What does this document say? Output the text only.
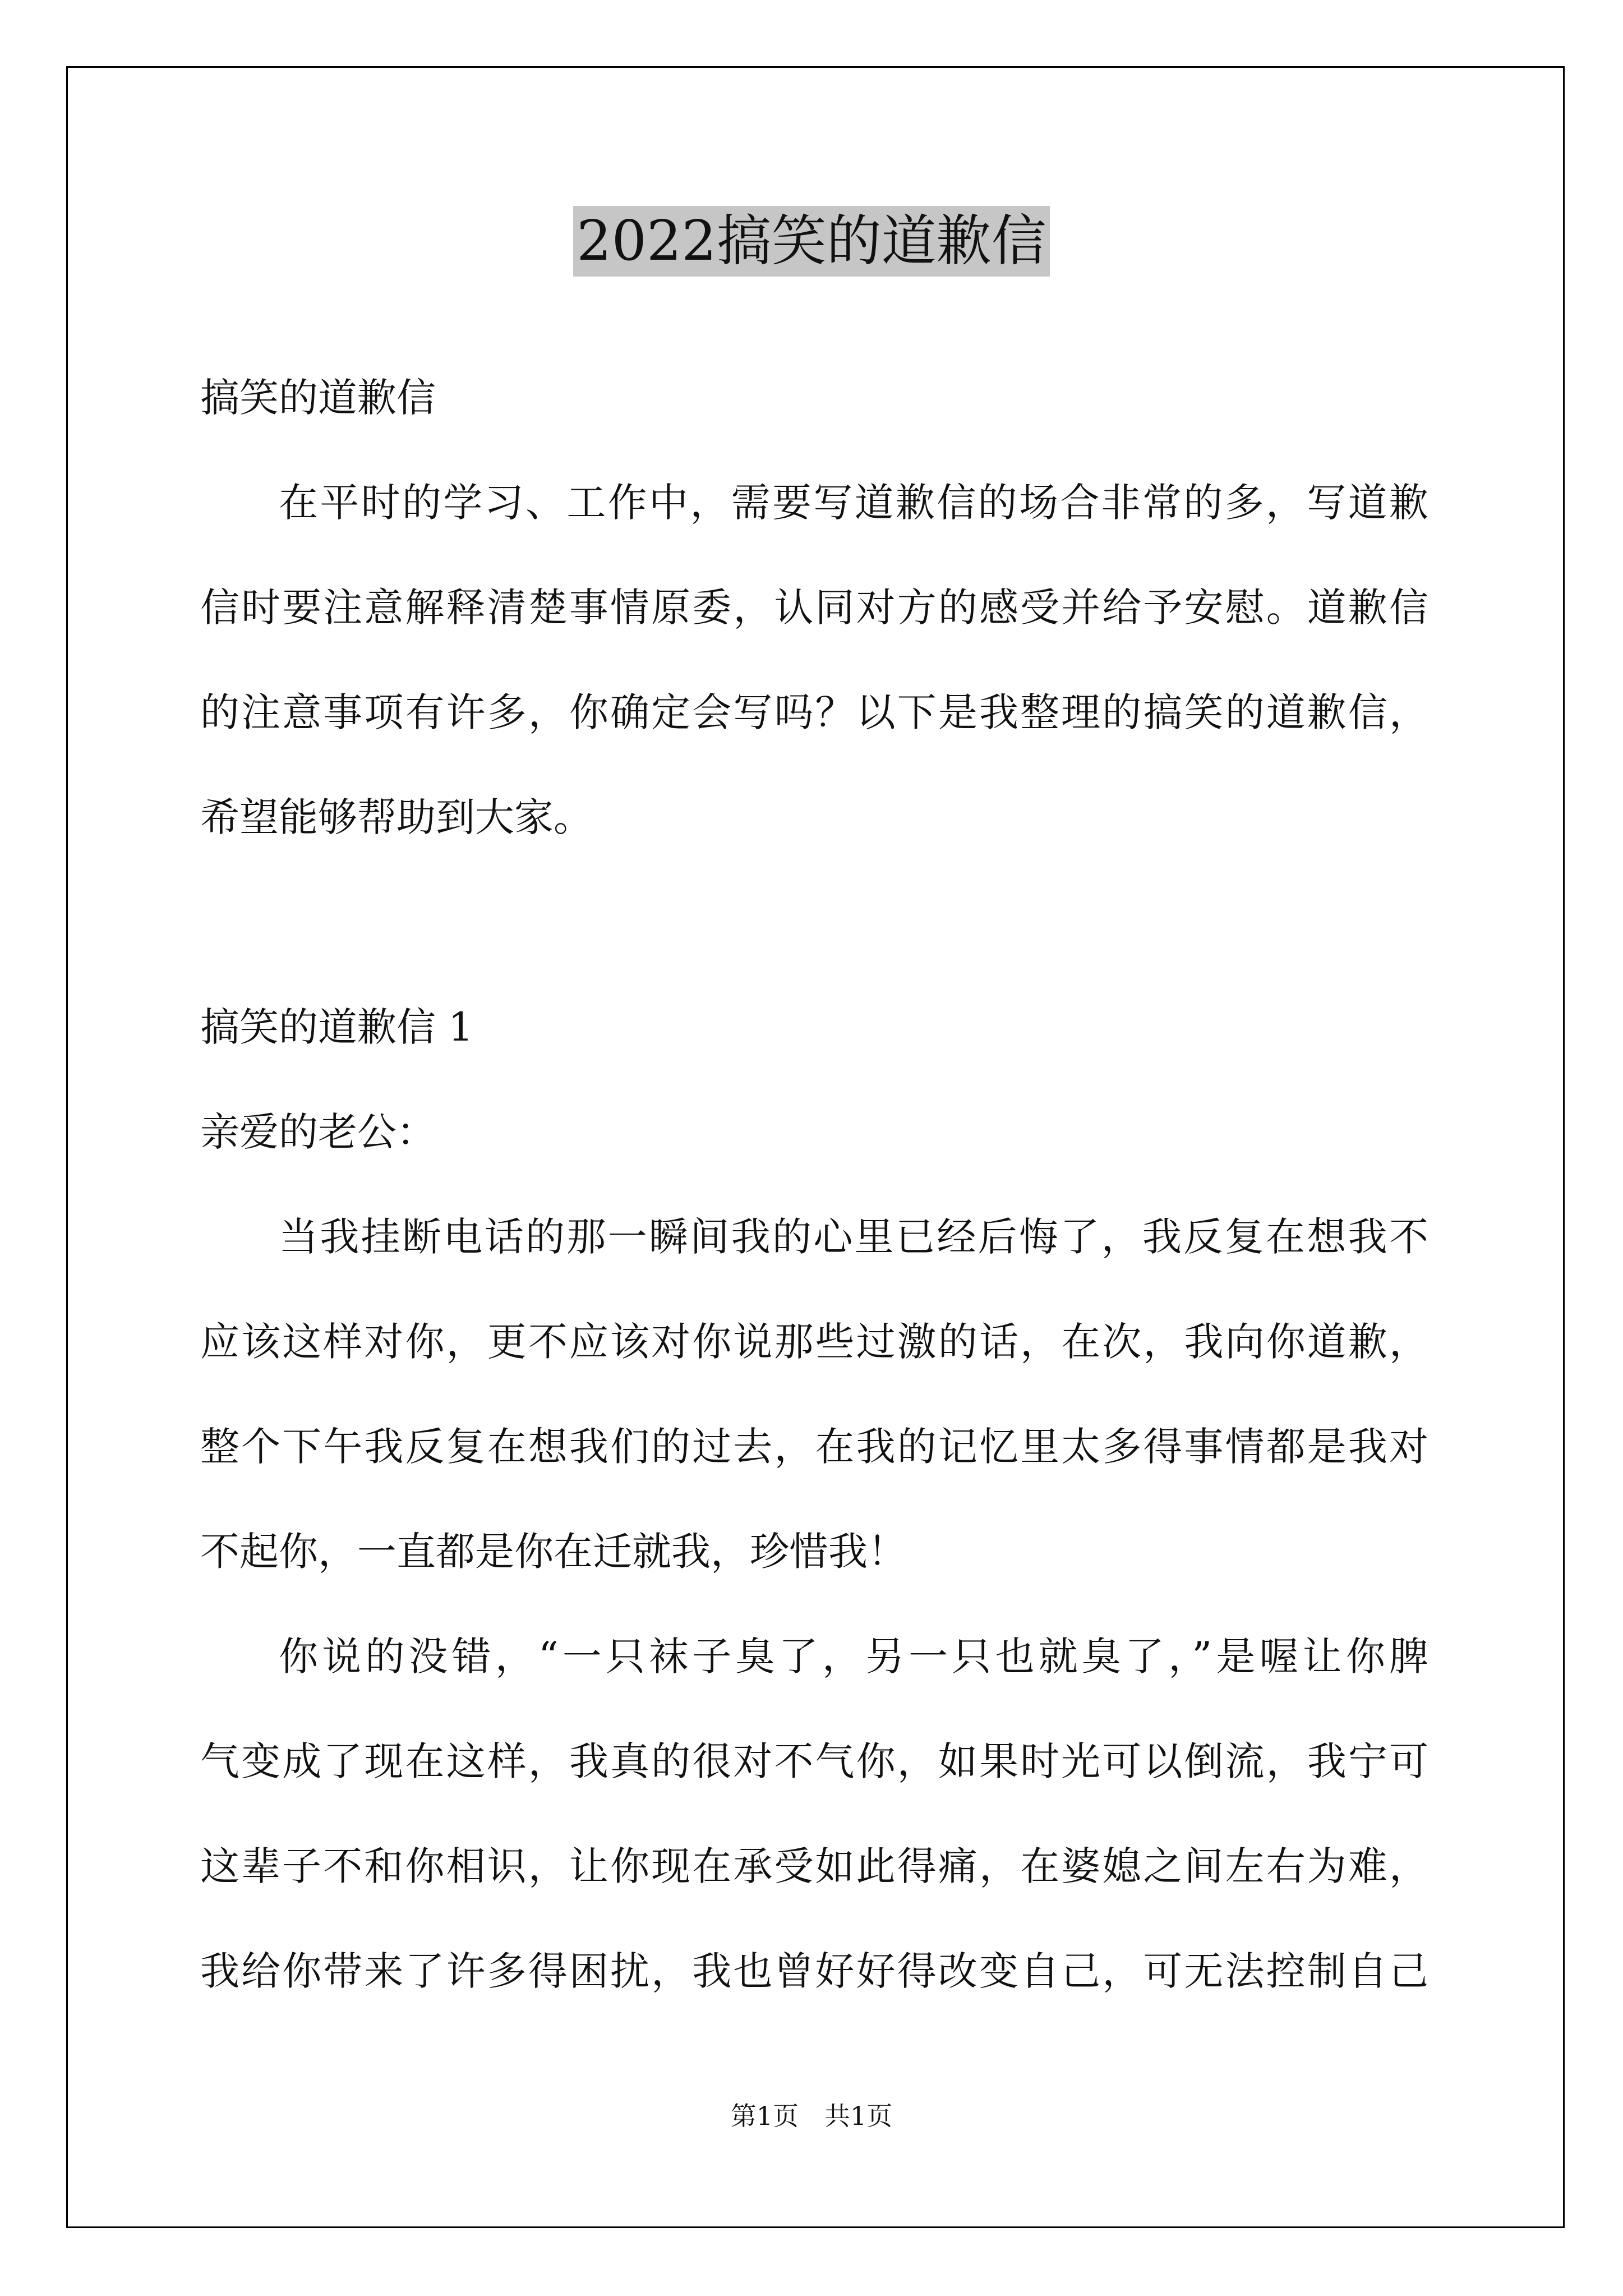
2022搞笑的道歉信
搞笑的道歉信
在平时的学习、工作中，需要写道歉信的场合非常的多，写道歉
信时要注意解释清楚事情原委，认同对方的感受并给予安慰。道歉信
的注意事项有许多，你确定会写吗？以下是我整理的搞笑的道歉信，
希望能够帮助到大家。
搞笑的道歉信 1
亲爱的老公：
当我挂断电话的那一瞬间我的心里已经后悔了，我反复在想我不
应该这样对你，更不应该对你说那些过激的话，在次，我向你道歉，
整个下午我反复在想我们的过去，在我的记忆里太多得事情都是我对
不起你，一直都是你在迁就我，珍惜我！
你说的没错，“一只袜子臭了，另一只也就臭了，”是喔让你脾
气变成了现在这样，我真的很对不气你，如果时光可以倒流，我宁可
这辈子不和你相识，让你现在承受如此得痛，在婆媳之间左右为难，
我给你带来了许多得困扰，我也曾好好得改变自己，可无法控制自己
第1页　共1页
